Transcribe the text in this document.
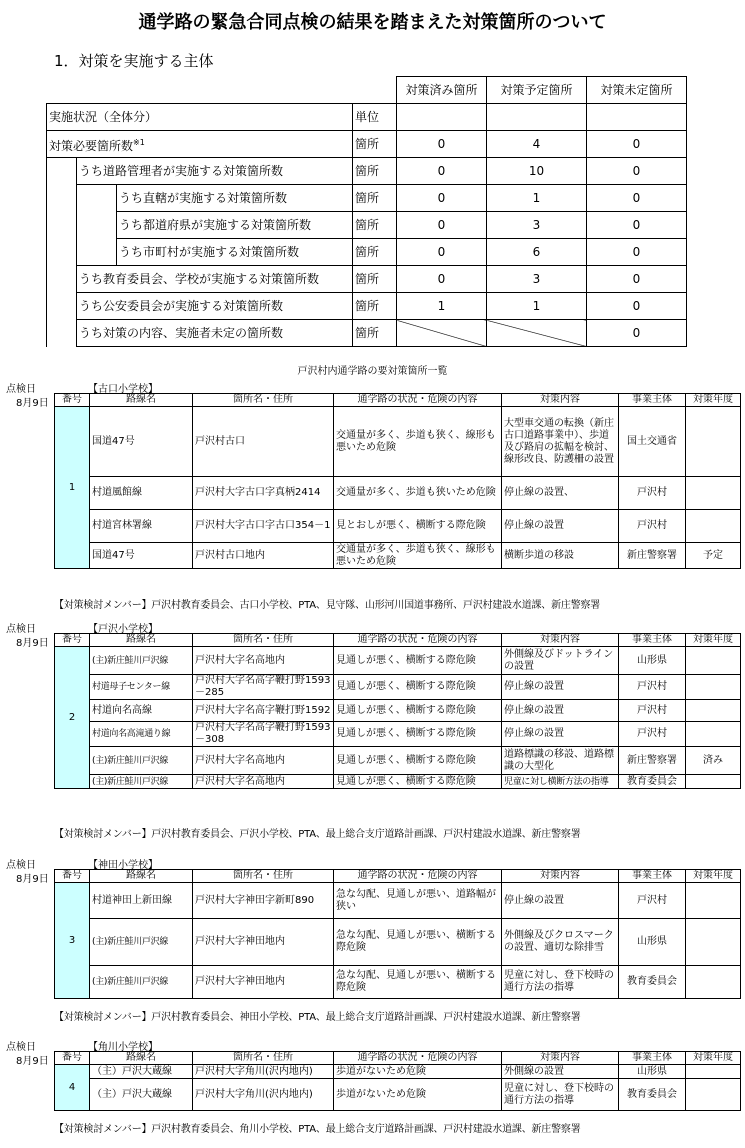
通学路の緊急合同点検の結果を踏まえた対策箇所のついて
1．対策を実施する主体
				対策済み箇所	対策予定箇所	対策未定箇所
実施状況（全体分）			単位			
対策必要箇所数$^{※1}$			箇所	0	4	0
	うち道路管理者が実施する対策箇所数		箇所	0	10	0
		うち直轄が実施する対策箇所数	箇所	0	1	0
		うち都道府県が実施する対策箇所数	箇所	0	3	0
		うち市町村が実施する対策箇所数	箇所	0	6	0
	うち教育委員会、学校が実施する対策箇所数		箇所	0	3	0
	うち公安委員会が実施する対策箇所数		箇所	1	1	0
	うち対策の内容、実施者未定の箇所数		箇所			0
戸沢村内通学路の要対策箇所一覧
点検日
8月9日
【古口小学校】
番号	路線名	箇所名・住所	通学路の状況・危険の内容	対策内容	事業主体	対策年度
1	国道47号	戸沢村古口	交通量が多く、歩道も狭く、線形も悪いため危険	大型車交通の転換（新庄古口道路事業中）、歩道及び路肩の拡幅を検討、線形改良、防護柵の設置	国土交通省	
	村道風館線	戸沢村大字古口字真柄2414	交通量が多く、歩道も狭いため危険	停止線の設置、	戸沢村	
	村道宮林署線	戸沢村大字古口字古口354－1	見とおしが悪く、横断する際危険	停止線の設置	戸沢村	
	国道47号	戸沢村古口地内	交通量が多く、歩道も狭く、線形も悪いため危険	横断歩道の移設	新庄警察署	予定
【対策検討メンバー】戸沢村教育委員会、古口小学校、PTA、見守隊、山形河川国道事務所、戸沢村建設水道課、新庄警察署
点検日
8月9日
【戸沢小学校】
番号	路線名	箇所名・住所	通学路の状況・危険の内容	対策内容	事業主体	対策年度
2	(主)新庄鮭川戸沢線	戸沢村大字名高地内	見通しが悪く、横断する際危険	外側線及びドットラインの設置	山形県	
	村道母子センター線	戸沢村大字名高字鞭打野1593－285	見通しが悪く、横断する際危険	停止線の設置	戸沢村	
	村道向名高線	戸沢村大字名高字鞭打野1592	見通しが悪く、横断する際危険	停止線の設置	戸沢村	
	村道向名高滝通り線	戸沢村大字名高字鞭打野1593－308	見通しが悪く、横断する際危険	停止線の設置	戸沢村	
	(主)新庄鮭川戸沢線	戸沢村大字名高地内	見通しが悪く、横断する際危険	道路標識の移設、道路標識の大型化	新庄警察署	済み
	(主)新庄鮭川戸沢線	戸沢村大字名高地内	見通しが悪く、横断する際危険	児童に対し横断方法の指導	教育委員会	
【対策検討メンバー】戸沢村教育委員会、戸沢小学校、PTA、最上総合支庁道路計画課、戸沢村建設水道課、新庄警察署
点検日
8月9日
【神田小学校】
番号	路線名	箇所名・住所	通学路の状況・危険の内容	対策内容	事業主体	対策年度
3	村道神田上新田線	戸沢村大字神田字新町890	急な勾配、見通しが悪い、道路幅が狭い	停止線の設置	戸沢村	
	(主)新庄鮭川戸沢線	戸沢村大字神田地内	急な勾配、見通しが悪い、横断する際危険	外側線及びクロスマークの設置、適切な除排雪	山形県	
	(主)新庄鮭川戸沢線	戸沢村大字神田地内	急な勾配、見通しが悪い、横断する際危険	児童に対し、登下校時の通行方法の指導	教育委員会	
【対策検討メンバー】戸沢村教育委員会、神田小学校、PTA、最上総合支庁道路計画課、戸沢村建設水道課、新庄警察署
点検日
8月9日
【角川小学校】
番号	路線名	箇所名・住所	通学路の状況・危険の内容	対策内容	事業主体	対策年度
4	（主）戸沢大蔵線	戸沢村大字角川(沢内地内)	歩道がないため危険	外側線の設置	山形県	
	（主）戸沢大蔵線	戸沢村大字角川(沢内地内)	歩道がないため危険	児童に対し、登下校時の通行方法の指導	教育委員会	
【対策検討メンバー】戸沢村教育委員会、角川小学校、PTA、最上総合支庁道路計画課、戸沢村建設水道課、新庄警察署
